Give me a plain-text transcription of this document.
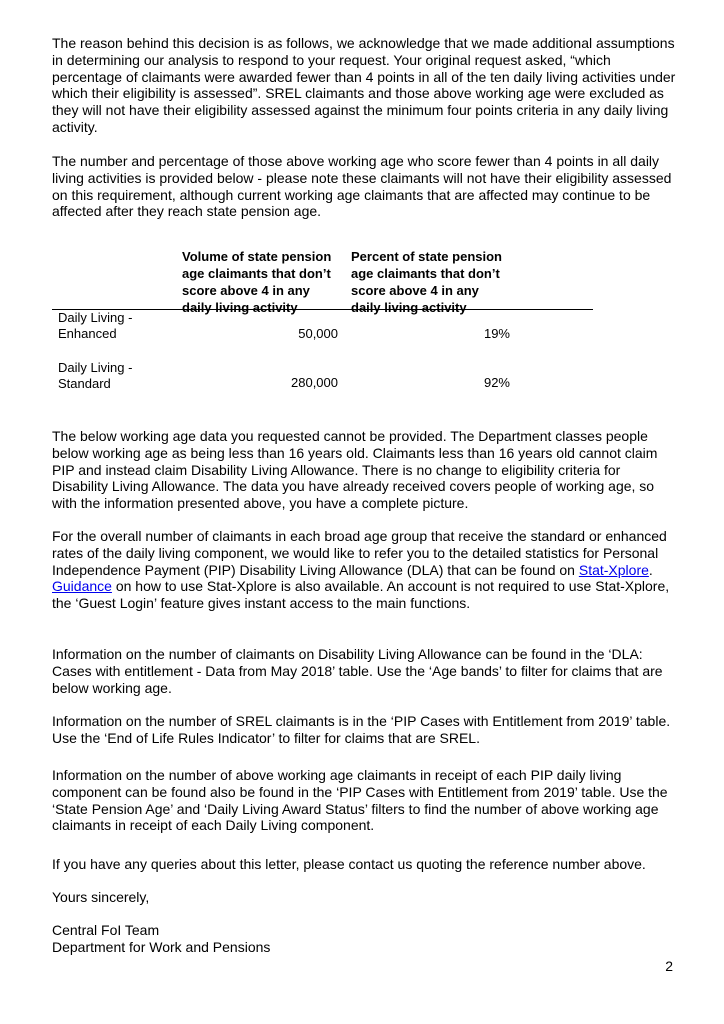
The reason behind this decision is as follows, we acknowledge that we made additional assumptions in determining our analysis to respond to your request. Your original request asked, “which percentage of claimants were awarded fewer than 4 points in all of the ten daily living activities under which their eligibility is assessed”. SREL claimants and those above working age were excluded as they will not have their eligibility assessed against the minimum four points criteria in any daily living activity.

The number and percentage of those above working age who score fewer than 4 points in all daily living activities is provided below - please note these claimants will not have their eligibility assessed on this requirement, although current working age claimants that are affected may continue to be affected after they reach state pension age.

Volume of state pension
age claimants that don’t
score above 4 in any
daily living activity
Percent of state pension
age claimants that don’t
score above 4 in any
daily living activity
Daily Living -
Enhanced	50,000	19%
Daily Living -
Standard	280,000	92%

The below working age data you requested cannot be provided. The Department classes people below working age as being less than 16 years old. Claimants less than 16 years old cannot claim PIP and instead claim Disability Living Allowance. There is no change to eligibility criteria for Disability Living Allowance. The data you have already received covers people of working age, so with the information presented above, you have a complete picture.

For the overall number of claimants in each broad age group that receive the standard or enhanced rates of the daily living component, we would like to refer you to the detailed statistics for Personal Independence Payment (PIP) Disability Living Allowance (DLA) that can be found on Stat-Xplore. Guidance on how to use Stat-Xplore is also available. An account is not required to use Stat-Xplore, the ‘Guest Login’ feature gives instant access to the main functions.

Information on the number of claimants on Disability Living Allowance can be found in the ‘DLA: Cases with entitlement - Data from May 2018’ table. Use the ‘Age bands’ to filter for claims that are below working age.

Information on the number of SREL claimants is in the ‘PIP Cases with Entitlement from 2019’ table. Use the ‘End of Life Rules Indicator’ to filter for claims that are SREL.

Information on the number of above working age claimants in receipt of each PIP daily living component can be found also be found in the ‘PIP Cases with Entitlement from 2019’ table. Use the ‘State Pension Age’ and ‘Daily Living Award Status’ filters to find the number of above working age claimants in receipt of each Daily Living component.

If you have any queries about this letter, please contact us quoting the reference number above.

Yours sincerely,

Central FoI Team

Department for Work and Pensions

2
